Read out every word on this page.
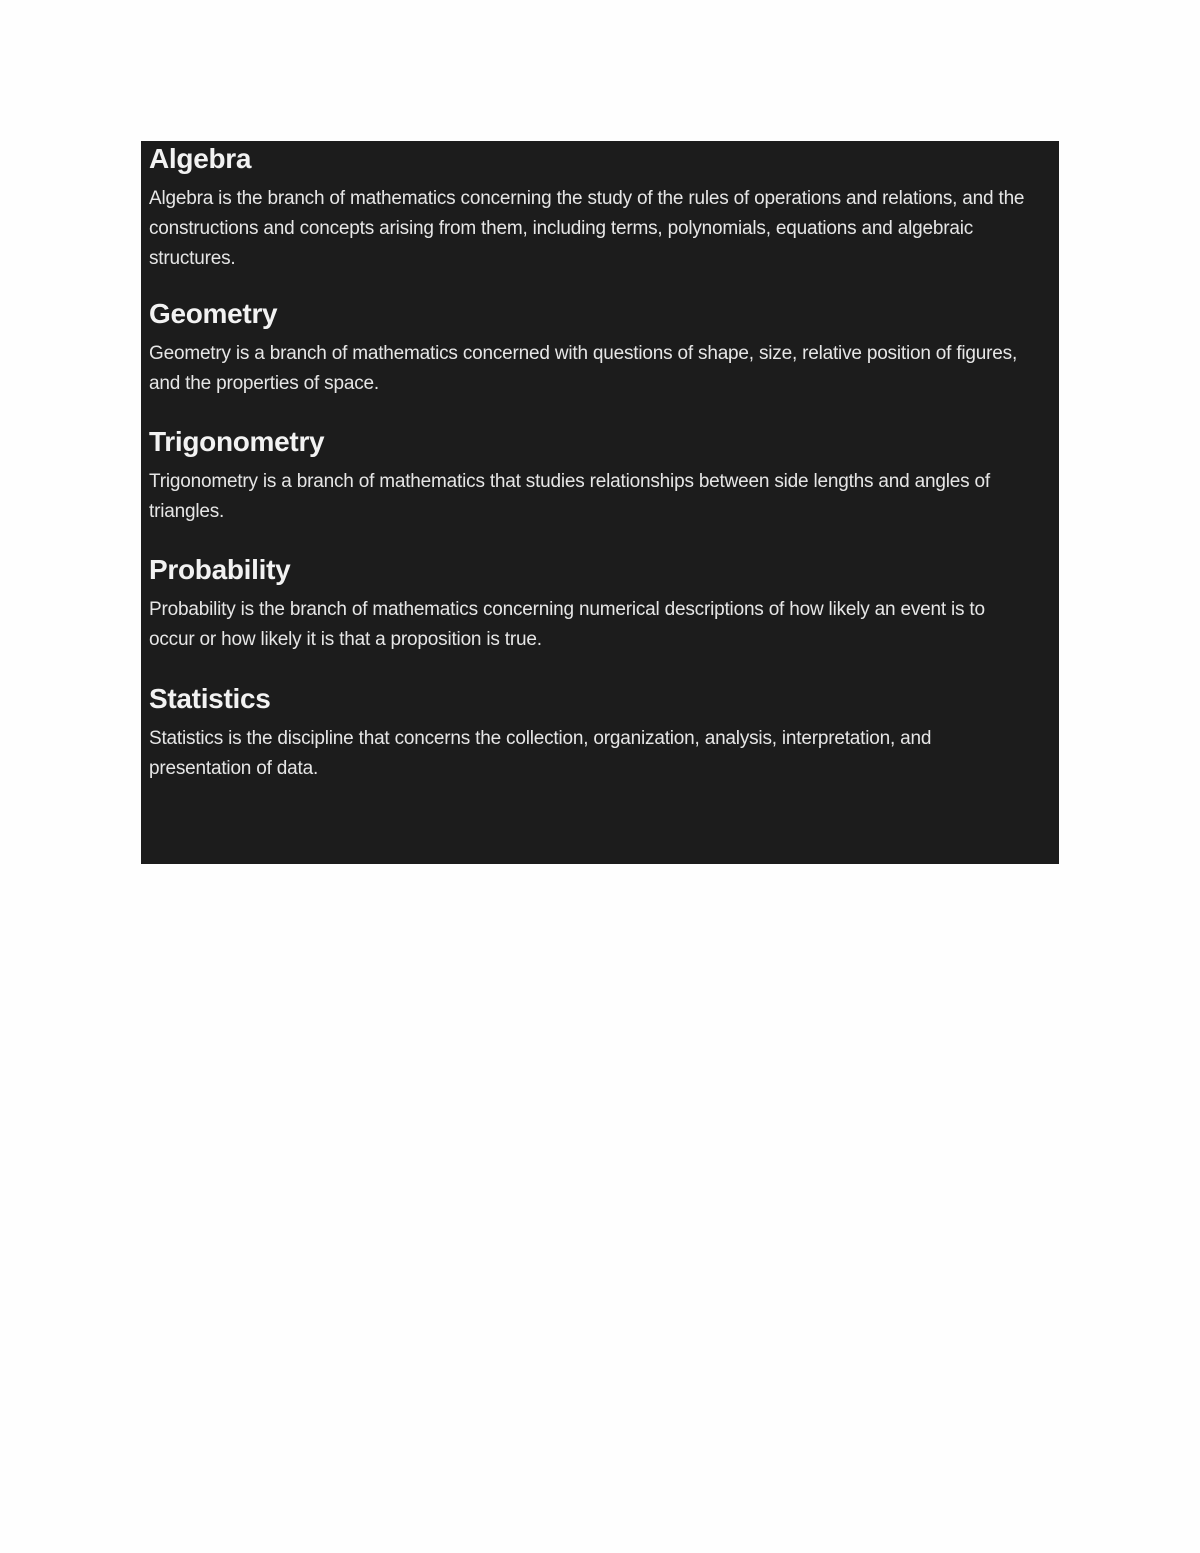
Algebra

Algebra is the branch of mathematics concerning the study of the rules of operations and relations, and the constructions and concepts arising from them, including terms, polynomials, equations and algebraic structures.

Geometry

Geometry is a branch of mathematics concerned with questions of shape, size, relative position of figures, and the properties of space.

Trigonometry

Trigonometry is a branch of mathematics that studies relationships between side lengths and angles of triangles.

Probability

Probability is the branch of mathematics concerning numerical descriptions of how likely an event is to occur or how likely it is that a proposition is true.

Statistics

Statistics is the discipline that concerns the collection, organization, analysis, interpretation, and presentation of data.
